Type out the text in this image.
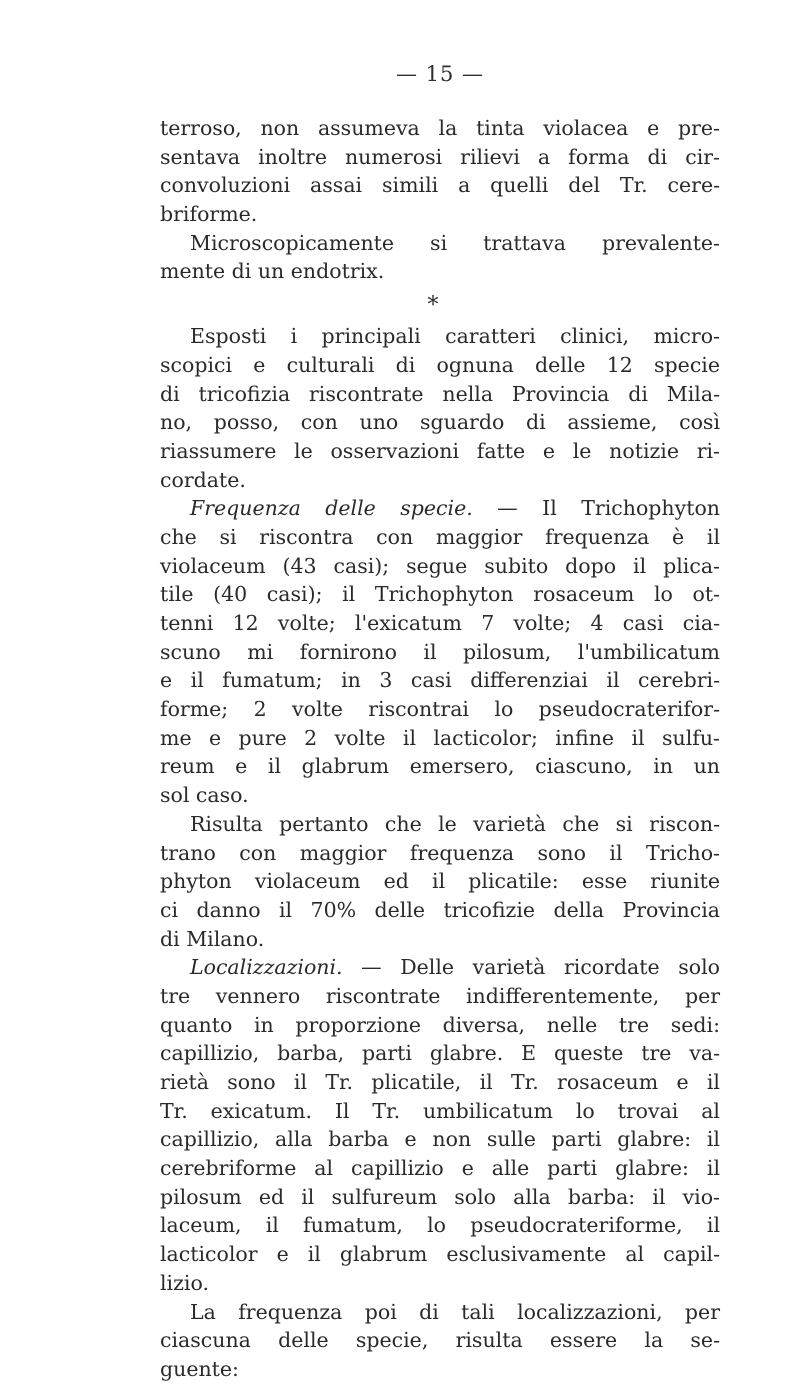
— 15 —
terroso, non assumeva la tinta violacea e pre-
sentava inoltre numerosi rilievi a forma di cir-
convoluzioni assai simili a quelli del Tr. cere-
briforme.
Microscopicamente si trattava prevalente-
mente di un endotrix.
*
Esposti i principali caratteri clinici, micro-
scopici e culturali di ognuna delle 12 specie
di tricofizia riscontrate nella Provincia di Mila-
no, posso, con uno sguardo di assieme, così
riassumere le osservazioni fatte e le notizie ri-
cordate.
Frequenza delle specie. — Il Trichophyton
che si riscontra con maggior frequenza è il
violaceum (43 casi); segue subito dopo il plica-
tile (40 casi); il Trichophyton rosaceum lo ot-
tenni 12 volte; l'exicatum 7 volte; 4 casi cia-
scuno mi fornirono il pilosum, l'umbilicatum
e il fumatum; in 3 casi differenziai il cerebri-
forme; 2 volte riscontrai lo pseudocraterifor-
me e pure 2 volte il lacticolor; infine il sulfu-
reum e il glabrum emersero, ciascuno, in un
sol caso.
Risulta pertanto che le varietà che si riscon-
trano con maggior frequenza sono il Tricho-
phyton violaceum ed il plicatile: esse riunite
ci danno il 70% delle tricofizie della Provincia
di Milano.
Localizzazioni. — Delle varietà ricordate solo
tre vennero riscontrate indifferentemente, per
quanto in proporzione diversa, nelle tre sedi:
capillizio, barba, parti glabre. E queste tre va-
rietà sono il Tr. plicatile, il Tr. rosaceum e il
Tr. exicatum. Il Tr. umbilicatum lo trovai al
capillizio, alla barba e non sulle parti glabre: il
cerebriforme al capillizio e alle parti glabre: il
pilosum ed il sulfureum solo alla barba: il vio-
laceum, il fumatum, lo pseudocrateriforme, il
lacticolor e il glabrum esclusivamente al capil-
lizio.
La frequenza poi di tali localizzazioni, per
ciascuna delle specie, risulta essere la se-
guente:
